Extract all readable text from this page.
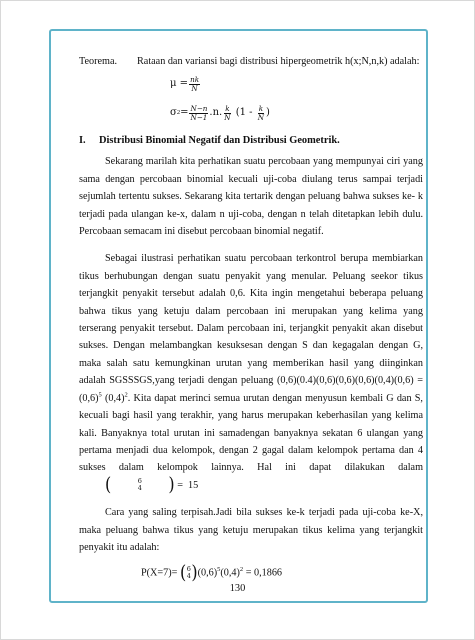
Teorema. Rataan dan variansi bagi distribusi hipergeometrik h(x;N,n,k) adalah:

$\mu = \frac{nk}{N}$
σ $2 = \frac{N-n}{N-1} .n$. $\frac{k}{N} (1 - \frac{k}{N}$ )
I. Distribusi Binomial Negatif dan Distribusi Geometrik.

Sekarang marilah kita perhatikan suatu percobaan yang mempunyai ciri yang sama dengan percobaan binomial kecuali uji-coba diulang terus sampai terjadi sejumlah tertentu sukses. Sekarang kita tertarik dengan peluang bahwa sukses ke- k terjadi pada ulangan ke-x, dalam n uji-coba, dengan n telah ditetapkan lebih dulu. Percobaan semacam ini disebut percobaan binomial negatif.

Sebagai ilustrasi perhatikan suatu percobaan terkontrol berupa membiarkan tikus berhubungan dengan suatu penyakit yang menular. Peluang seekor tikus terjangkit penyakit tersebut adalah 0,6. Kita ingin mengetahui beberapa peluang bahwa tikus yang ketuju dalam percobaan ini merupakan yang kelima yang terserang penyakit tersebut. Dalam percobaan ini, terjangkit penyakit akan disebut sukses. Dengan melambangkan kesuksesan dengan S dan kegagalan dengan G, maka salah satu kemungkinan urutan yang memberikan hasil yang diinginkan adalah SGSSSGS,yang terjadi dengan peluang $(0,6)(0.4)(0,6)(0,6)(0,6)(0,4)(0,6) = (0,6)^5$ $(0,4)^2$. Kita dapat merinci semua urutan dengan menyusun kembali G dan S, kecuali bagi hasil yang terakhir, yang harus merupakan keberhasilan yang kelima kali. Banyaknya total urutan ini samadengan banyaknya sekatan 6 ulangan yang pertama menjadi dua kelompok, dengan 2 gagal dalam kelompok pertama dan 4 sukses dalam kelompok lainnya. Hal ini dapat dilakukan dalam
(	6
4	) =  15

Cara yang saling terpisah.Jadi bila sukses ke-k terjadi pada uji-coba ke-X, maka peluang bahwa tikus yang ketuju merupakan tikus kelima yang terjangkit penyakit itu adalah:

P(X=7)= ( 6
4 ) $(0,6)^5(0,4)^2 = 0,1866$
130
